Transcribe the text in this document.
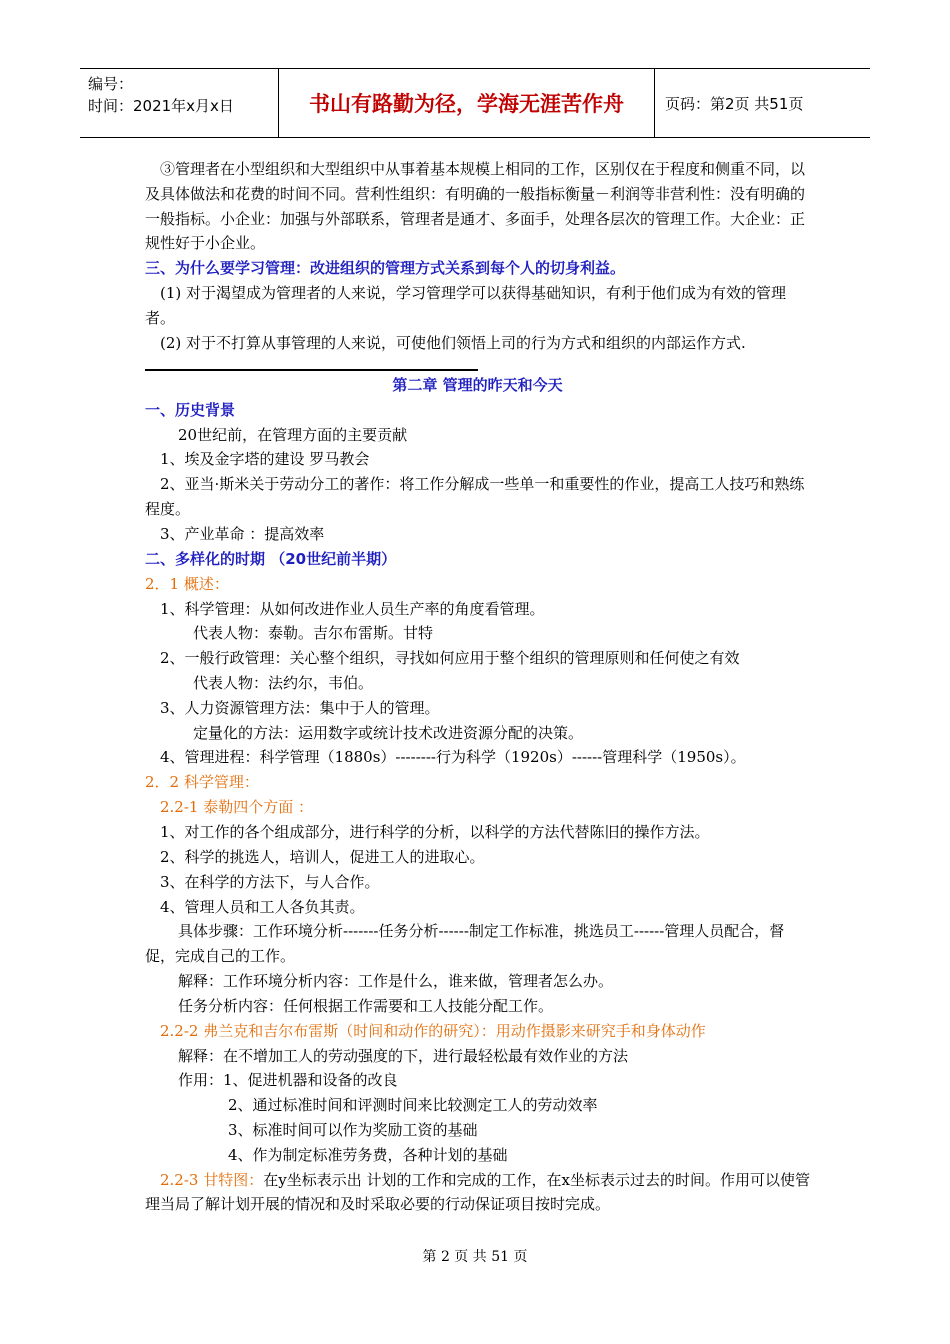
编号：
时间：2021年x月x日	书山有路勤为径，学海无涯苦作舟	页码：第2页 共51页

③管理者在小型组织和大型组织中从事着基本规模上相同的工作，区别仅在于程度和侧重不同，以及具体做法和花费的时间不同。营利性组织：有明确的一般指标衡量－利润等非营利性：没有明确的一般指标。小企业：加强与外部联系，管理者是通才、多面手，处理各层次的管理工作。大企业：正规性好于小企业。

三、为什么要学习管理：改进组织的管理方式关系到每个人的切身利益。

(1) 对于渴望成为管理者的人来说，学习管理学可以获得基础知识，有利于他们成为有效的管理者。

(2) 对于不打算从事管理的人来说，可使他们领悟上司的行为方式和组织的内部运作方式.

第二章 管理的昨天和今天

一、历史背景

20世纪前，在管理方面的主要贡献

1、埃及金字塔的建设 罗马教会

2、亚当·斯米关于劳动分工的著作：将工作分解成一些单一和重要性的作业，提高工人技巧和熟练程度。

3、产业革命 ：提高效率

二、多样化的时期 （20世纪前半期）

2．1 概述：

1、科学管理：从如何改进作业人员生产率的角度看管理。

代表人物：泰勒。吉尔布雷斯。甘特

2、一般行政管理：关心整个组织，寻找如何应用于整个组织的管理原则和任何使之有效

代表人物：法约尔，韦伯。

3、人力资源管理方法：集中于人的管理。

定量化的方法：运用数字或统计技术改进资源分配的决策。

4、管理进程：科学管理（1880s）--------行为科学（1920s）------管理科学（1950s）。

2．2 科学管理：

2.2-1 泰勒四个方面 ：

1、对工作的各个组成部分，进行科学的分析，以科学的方法代替陈旧的操作方法。

2、科学的挑选人，培训人，促进工人的进取心。

3、在科学的方法下，与人合作。

4、管理人员和工人各负其责。

具体步骤：工作环境分析-------任务分析------制定工作标准，挑选员工------管理人员配合，督促，完成自己的工作。

解释：工作环境分析内容：工作是什么，谁来做，管理者怎么办。

任务分析内容：任何根据工作需要和工人技能分配工作。

2.2-2 弗兰克和吉尔布雷斯（时间和动作的研究）：用动作摄影来研究手和身体动作

解释：在不增加工人的劳动强度的下，进行最轻松最有效作业的方法

作用：1、促进机器和设备的改良

2、通过标准时间和评测时间来比较测定工人的劳动效率

3、标准时间可以作为奖励工资的基础

4、作为制定标准劳务费，各种计划的基础

2.2-3 甘特图：在y坐标表示出 计划的工作和完成的工作，在x坐标表示过去的时间。作用可以使管理当局了解计划开展的情况和及时采取必要的行动保证项目按时完成。

第 2 页 共 51 页
